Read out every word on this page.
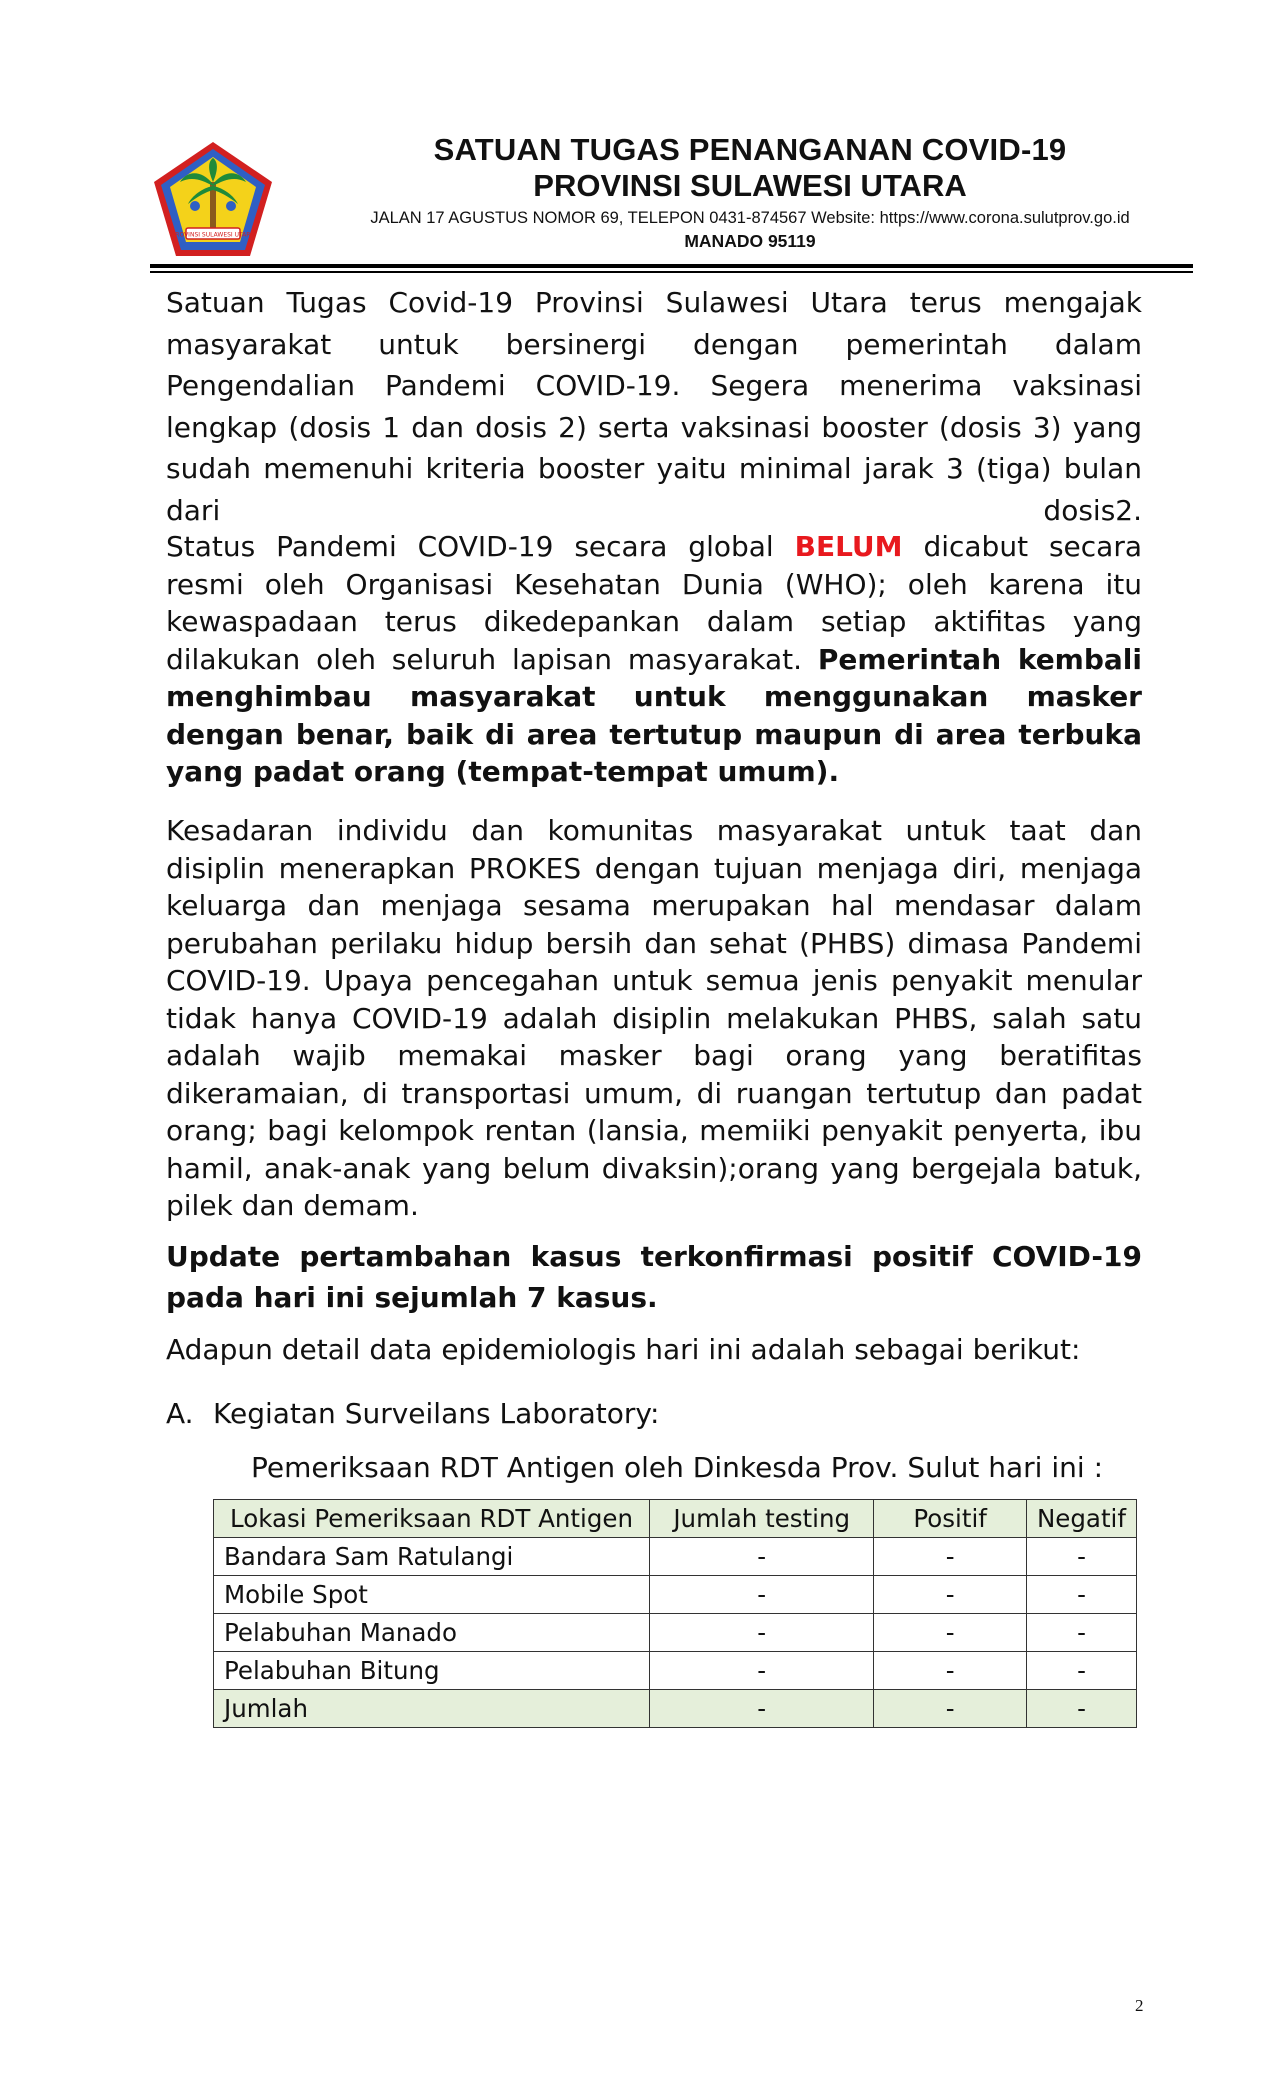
PROVINSI SULAWESI UTARA
SATUAN TUGAS PENANGANAN COVID-19
PROVINSI SULAWESI UTARA
JALAN 17 AGUSTUS NOMOR 69, TELEPON 0431-874567 Website: https://www.corona.sulutprov.go.id
MANADO 95119

Satuan Tugas Covid-19 Provinsi Sulawesi Utara terus mengajak masyarakat untuk bersinergi dengan pemerintah dalam Pengendalian Pandemi COVID-19. Segera menerima vaksinasi lengkap (dosis 1 dan dosis 2) serta vaksinasi booster (dosis 3) yang sudah memenuhi kriteria booster yaitu minimal jarak 3 (tiga) bulan dari dosis2.

Status Pandemi COVID-19 secara global BELUM dicabut secara resmi oleh Organisasi Kesehatan Dunia (WHO); oleh karena itu kewaspadaan terus dikedepankan dalam setiap aktifitas yang dilakukan oleh seluruh lapisan masyarakat. Pemerintah kembali menghimbau masyarakat untuk menggunakan masker dengan benar, baik di area tertutup maupun di area terbuka yang padat orang (tempat-tempat umum).

Kesadaran individu dan komunitas masyarakat untuk taat dan disiplin menerapkan PROKES dengan tujuan menjaga diri, menjaga keluarga dan menjaga sesama merupakan hal mendasar dalam perubahan perilaku hidup bersih dan sehat (PHBS) dimasa Pandemi COVID-19. Upaya pencegahan untuk semua jenis penyakit menular tidak hanya COVID-19 adalah disiplin melakukan PHBS, salah satu adalah wajib memakai masker bagi orang yang beratifitas dikeramaian, di transportasi umum, di ruangan tertutup dan padat orang; bagi kelompok rentan (lansia, memiiki penyakit penyerta, ibu hamil, anak-anak yang belum divaksin);orang yang bergejala batuk, pilek dan demam.

Update pertambahan kasus terkonfirmasi positif COVID-19 pada hari ini sejumlah 7 kasus.

Adapun detail data epidemiologis hari ini adalah sebagai berikut:

A. Kegiatan Surveilans Laboratory:

Pemeriksaan RDT Antigen oleh Dinkesda Prov. Sulut hari ini :
Lokasi Pemeriksaan RDT Antigen	Jumlah testing	Positif	Negatif
Bandara Sam Ratulangi	-	-	-
Mobile Spot	-	-	-
Pelabuhan Manado	-	-	-
Pelabuhan Bitung	-	-	-
Jumlah	-	-	-
2
